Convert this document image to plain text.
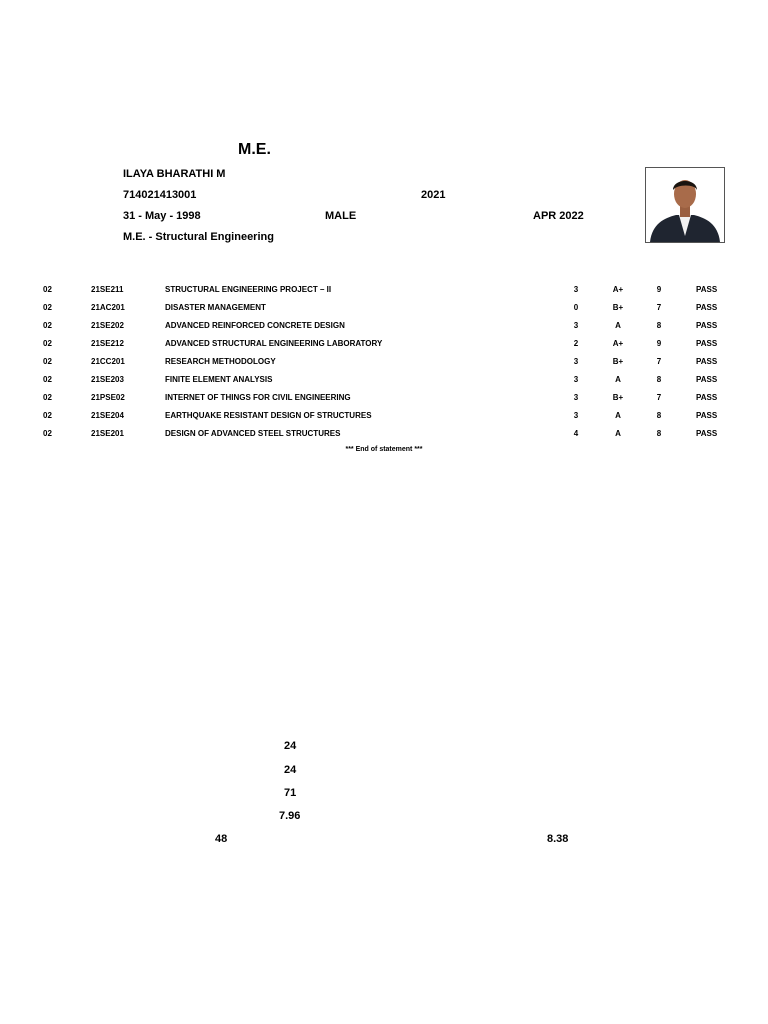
M.E.
ILAYA BHARATHI M
714021413001	2021
31 - May - 1998	MALE	APR 2022
M.E. - Structural Engineering
02	21SE211	STRUCTURAL ENGINEERING PROJECT – II	3	A+	9	PASS
02	21AC201	DISASTER MANAGEMENT	0	B+	7	PASS
02	21SE202	ADVANCED REINFORCED CONCRETE DESIGN	3	A	8	PASS
02	21SE212	ADVANCED STRUCTURAL ENGINEERING LABORATORY	2	A+	9	PASS
02	21CC201	RESEARCH METHODOLOGY	3	B+	7	PASS
02	21SE203	FINITE ELEMENT ANALYSIS	3	A	8	PASS
02	21PSE02	INTERNET OF THINGS FOR CIVIL ENGINEERING	3	B+	7	PASS
02	21SE204	EARTHQUAKE RESISTANT DESIGN OF STRUCTURES	3	A	8	PASS
02	21SE201	DESIGN OF ADVANCED STEEL STRUCTURES	4	A	8	PASS
*** End of statement ***
24
24
71
7.96
48	8.38
